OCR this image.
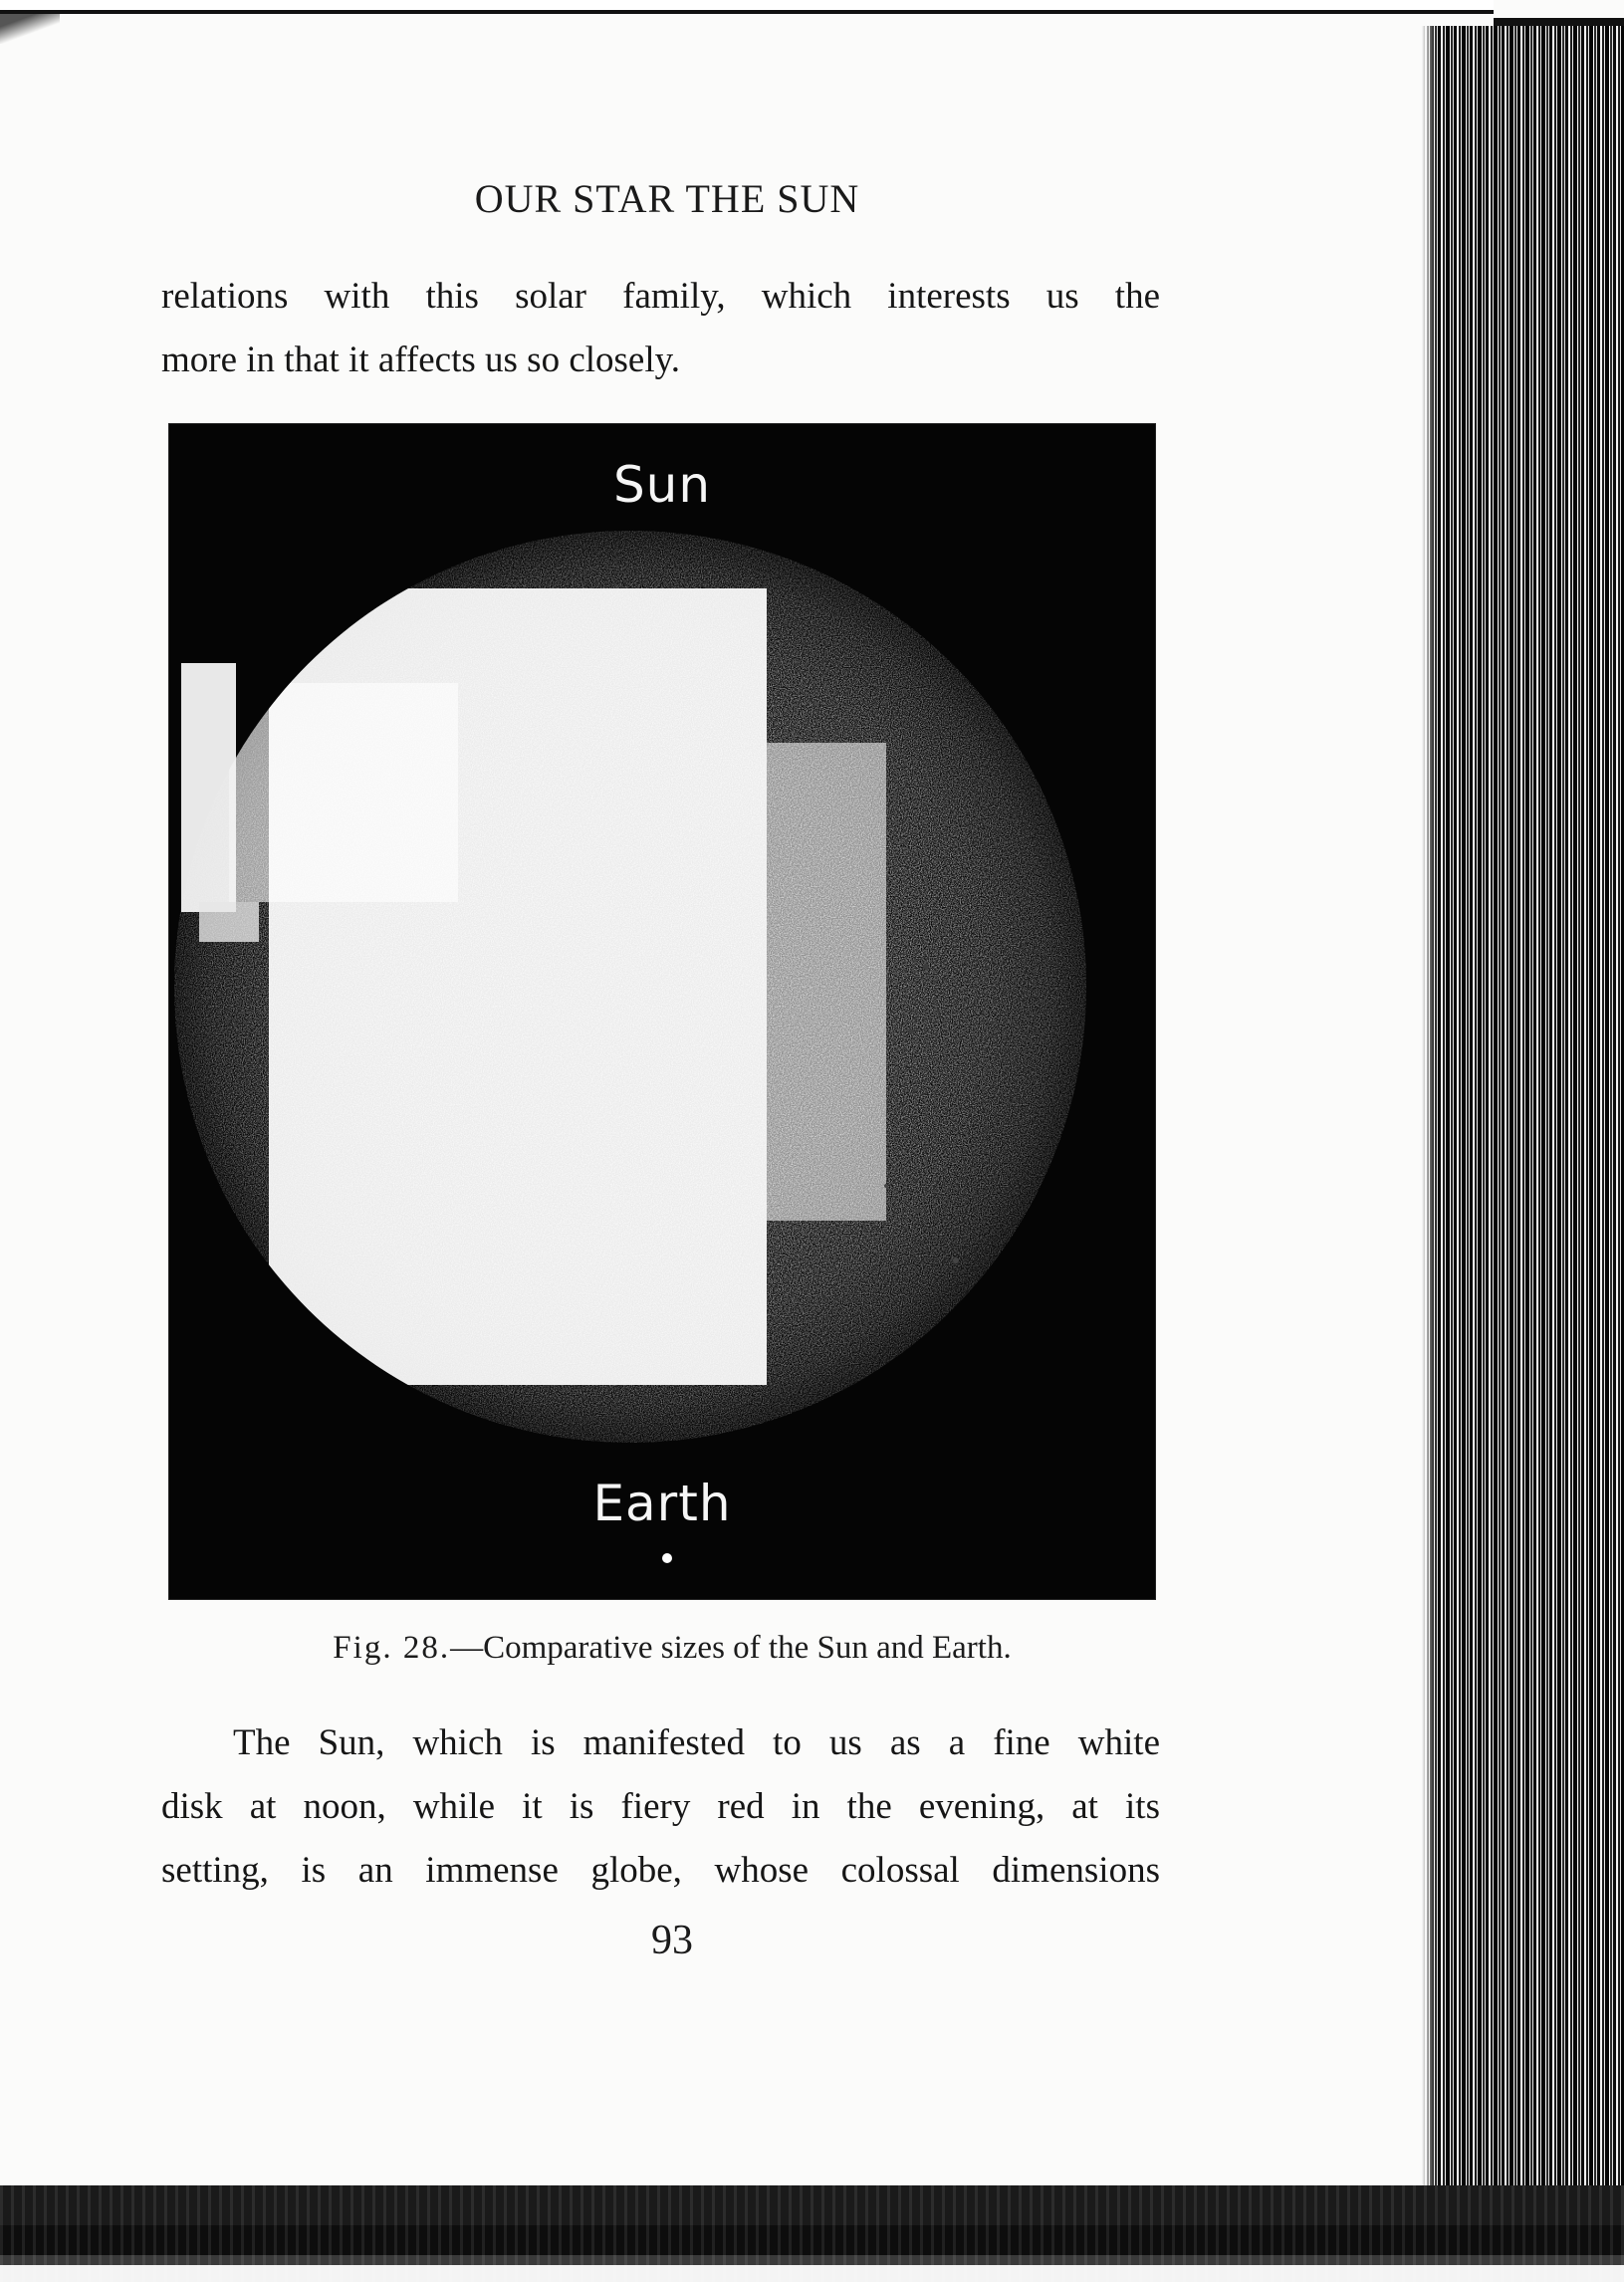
OUR STAR THE SUN
relations with this solar family, which interests us the
more in that it affects us so closely.
Sun
Earth
Fig. 28.—Comparative sizes of the Sun and Earth.
The Sun, which is manifested to us as a fine white
disk at noon, while it is fiery red in the evening, at its
setting, is an immense globe, whose colossal dimensions
93
